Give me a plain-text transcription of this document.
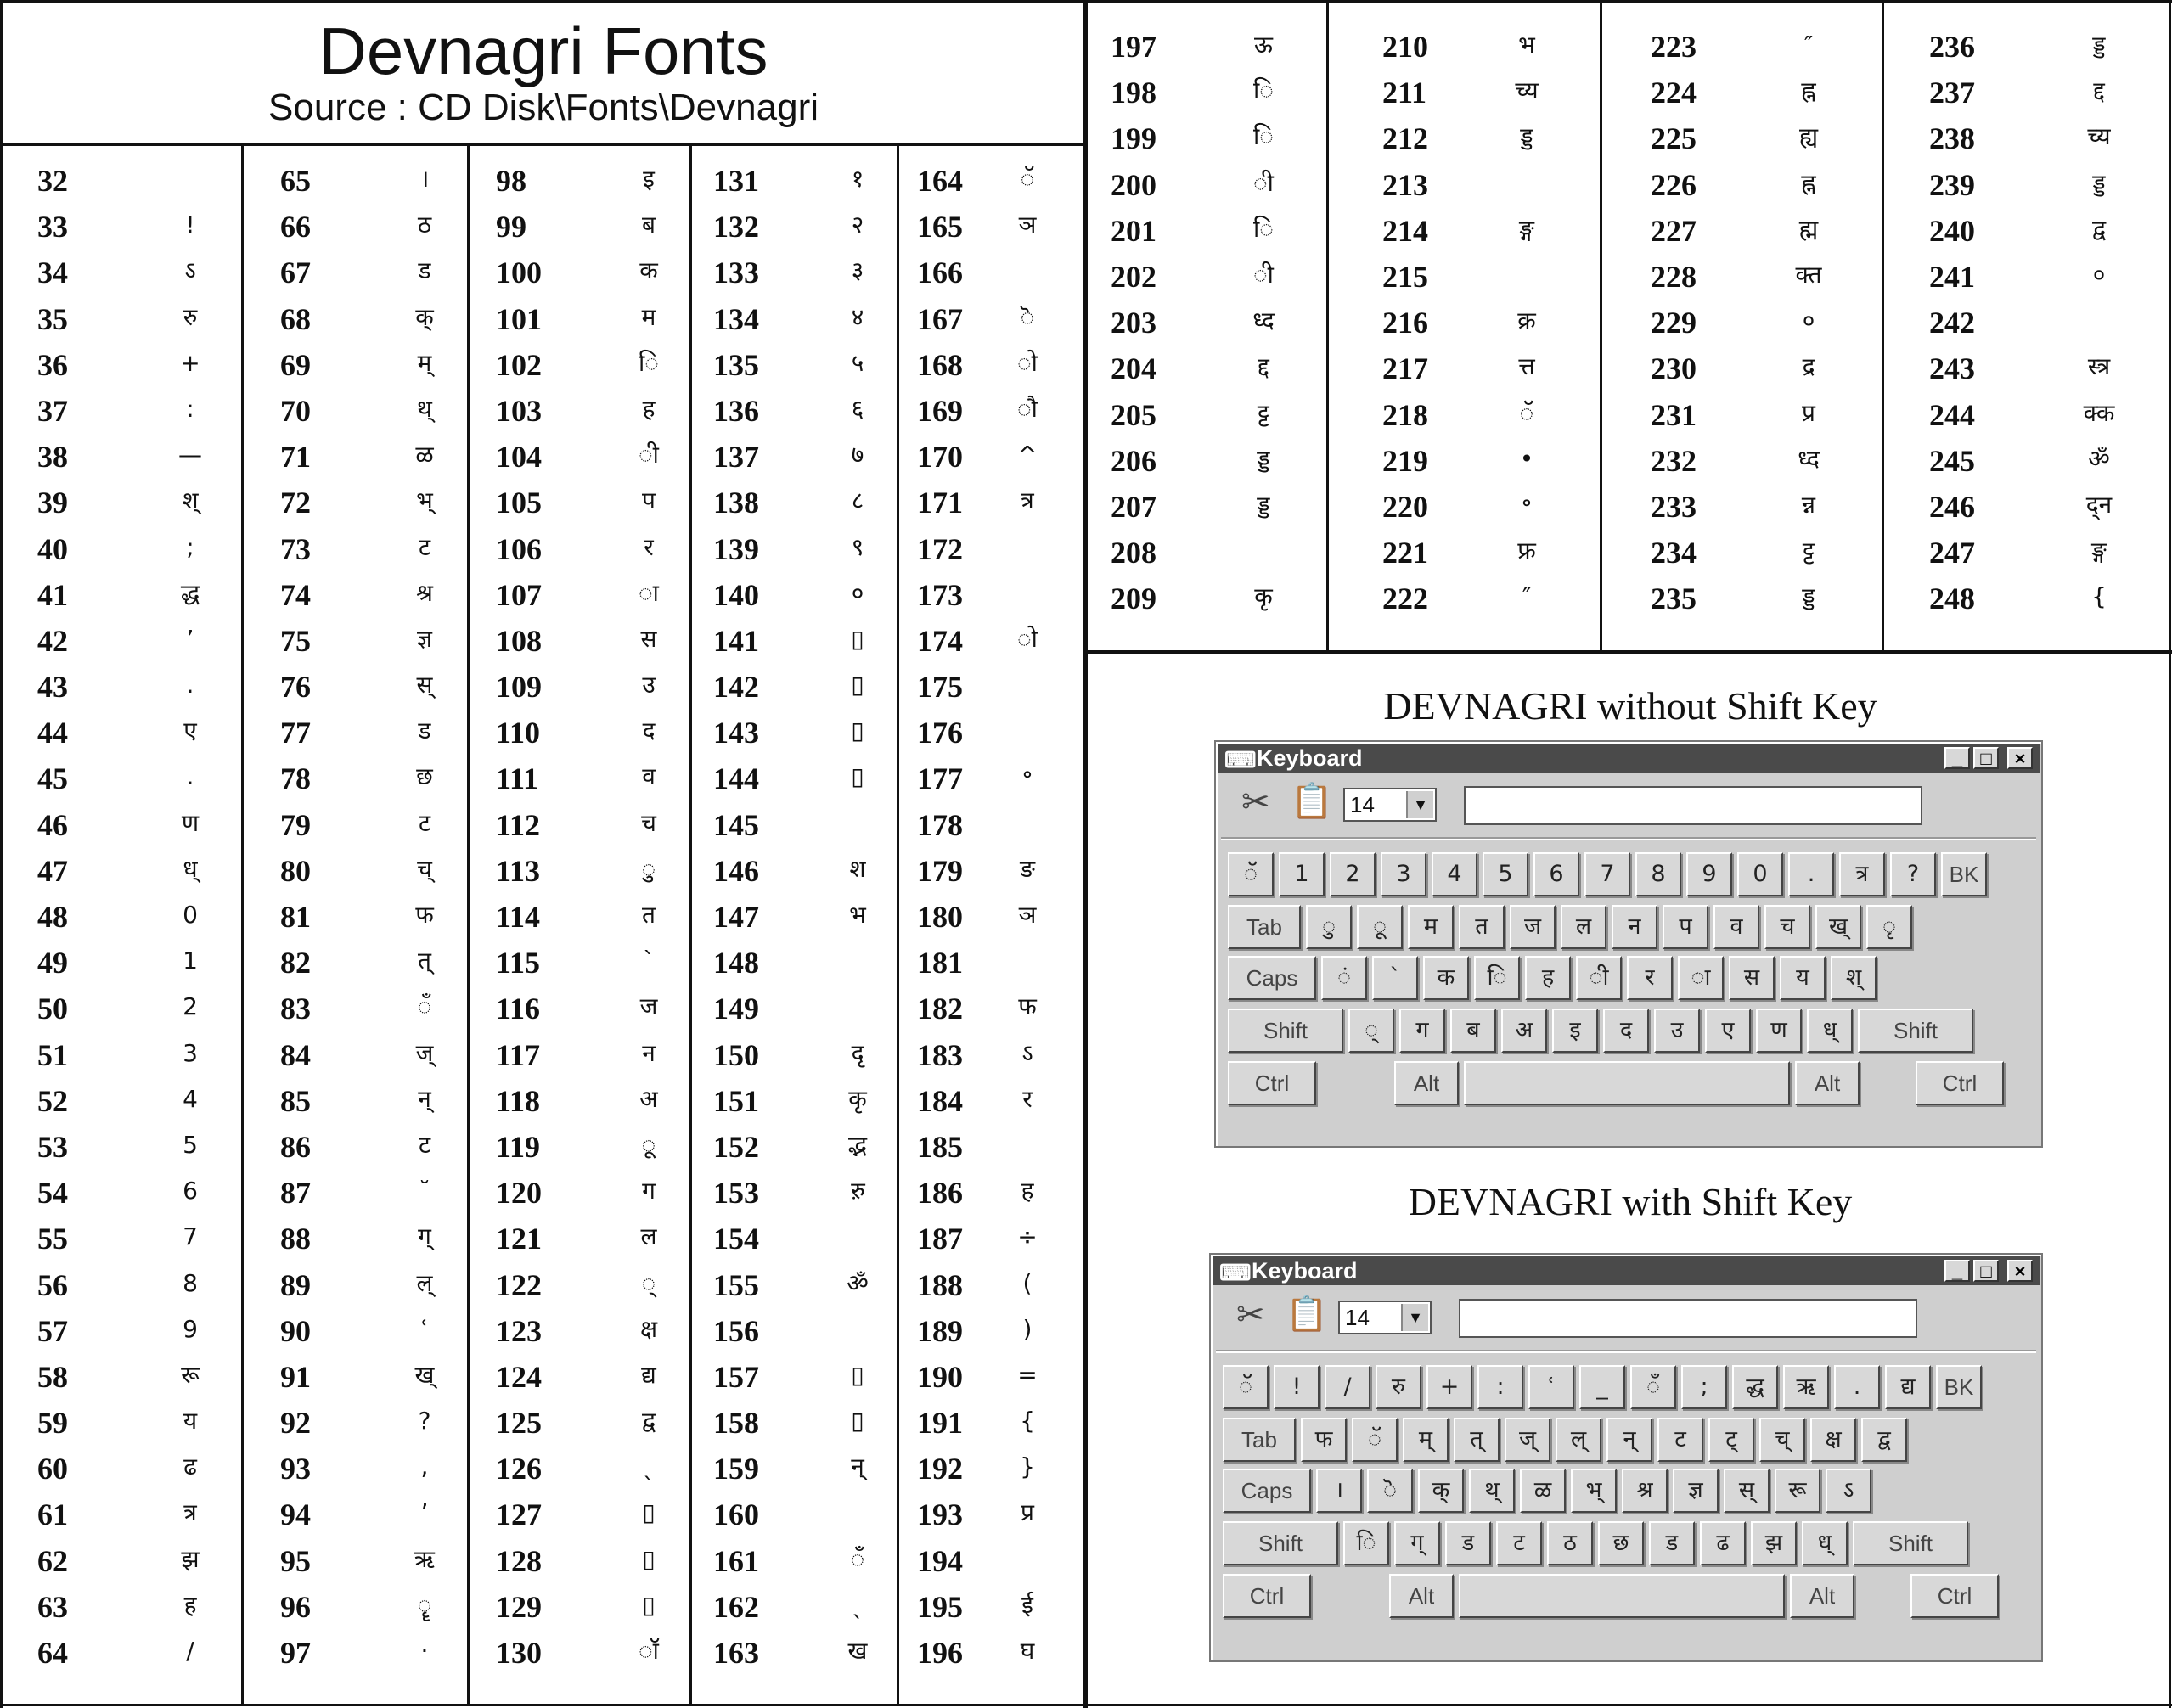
Devnagri Fonts
Source : CD Disk\Fonts\Devnagri
32
33	!
34	ऽ
35	रु
36	+
37	:
38	—
39	श्
40	;
41	द्ध
42	’
43	.
44	ए
45	.
46	ण
47	ध्
48	0
49	1
50	2
51	3
52	4
53	5
54	6
55	7
56	8
57	9
58	रू
59	य
60	ढ
61	त्र
62	झ
63	ह
64	/
65	।
66	ठ
67	ड
68	क्
69	म्
70	थ्
71	ळ
72	भ्
73	ट
74	श्र
75	ज्ञ
76	स्
77	ड
78	छ
79	ट
80	च्
81	फ
82	त्
83	ँ
84	ज्
85	न्
86	ट
87	˘
88	ग्
89	ल्
90	ʿ
91	ख्
92	?
93	,
94	’
95	ऋ
96	ॄ
97	·
98	इ
99	ब
100	क
101	म
102	ि
103	ह
104	ी
105	प
106	र
107	ा
108	स
109	उ
110	द
111	व
112	च
113	ु
114	त
115	`
116	ज
117	न
118	अ
119	ू
120	ग
121	ल
122	्
123	क्ष
124	द्य
125	द्व
126	ˎ
127	▯
128	▯
129	▯
130	ॉ
131	१
132	२
133	३
134	४
135	५
136	६
137	७
138	८
139	९
140	०
141	▯
142	▯
143	▯
144	▯
145
146	श
147	भ
148
149
150	दृ
151	कृ
152	द्भ
153	ऱु
154
155	ॐ
156
157	▯
158	▯
159	न्
160
161	ँ
162	ˎ
163	ख
164	ॅ
165	ञ
166
167	ॆ
168	ो
169	ौ
170	^
171	त्र
172
173
174	ो
175
176
177	॰
178
179	ङ
180	ञ
181
182	फ
183	ऽ
184	र
185
186	ह
187	÷
188	(
189	)
190	=
191	{
192	}
193	प्र
194
195	ई
196	घ
197	ऊ
198	ि
199	ि
200	ी
201	ि
202	ी
203	ध्द
204	द्द
205	ट्ट
206	ड्ड
207	ड्ड
208
209	कृ
210	भ
211	च्य
212	ड्ड
213
214	ङ्ग
215
216	क्र
217	त्त
218	ॅ
219	•
220	॰
221	फ्र
222	″
223	″
224	ह्न
225	ह्य
226	ह्न
227	ह्म
228	क्त
229	०
230	द्र
231	प्र
232	ध्द
233	न्न
234	ट्ट
235	ड्ड
236	ड्ड
237	द्द
238	च्य
239	ड्ड
240	द्व
241	०
242
243	स्त्र
244	क्क
245	ॐ
246	द्न
247	ङ्ग
248	{
DEVNAGRI without Shift Key
DEVNAGRI with Shift Key
⌨ Keyboard	_ □	×
✂ 📋 14	▼
ॅ	1	2	3	4	5	6	7	8	9	0	.	त्र	?	BK
Tab	ु	ू	म	त	ज	ल	न	प	व	च	ख्	ृ
Caps	ं	`	क	ि	ह	ी	र	ा	स	य	श्
Shift	्	ग	ब	अ	इ	द	उ	ए	ण	ध्	Shift
Ctrl	Alt	Alt	Ctrl
⌨ Keyboard	_ □	×
✂ 📋 14	▼
ॅ	!	/	रु	+	:	ʿ	_	ँ	;	द्ध	ऋ	.	द्य	BK
Tab	फ	ॅ	म्	त्	ज्	ल्	न्	ट	ट्	च्	क्ष	द्व
Caps	।	ॆ	क्	थ्	ळ	भ्	श्र	ज्ञ	स्	रू	ऽ
Shift	ि	ग्	ड	ट	ठ	छ	ड	ढ	झ	ध्	Shift
Ctrl	Alt	Alt	Ctrl
